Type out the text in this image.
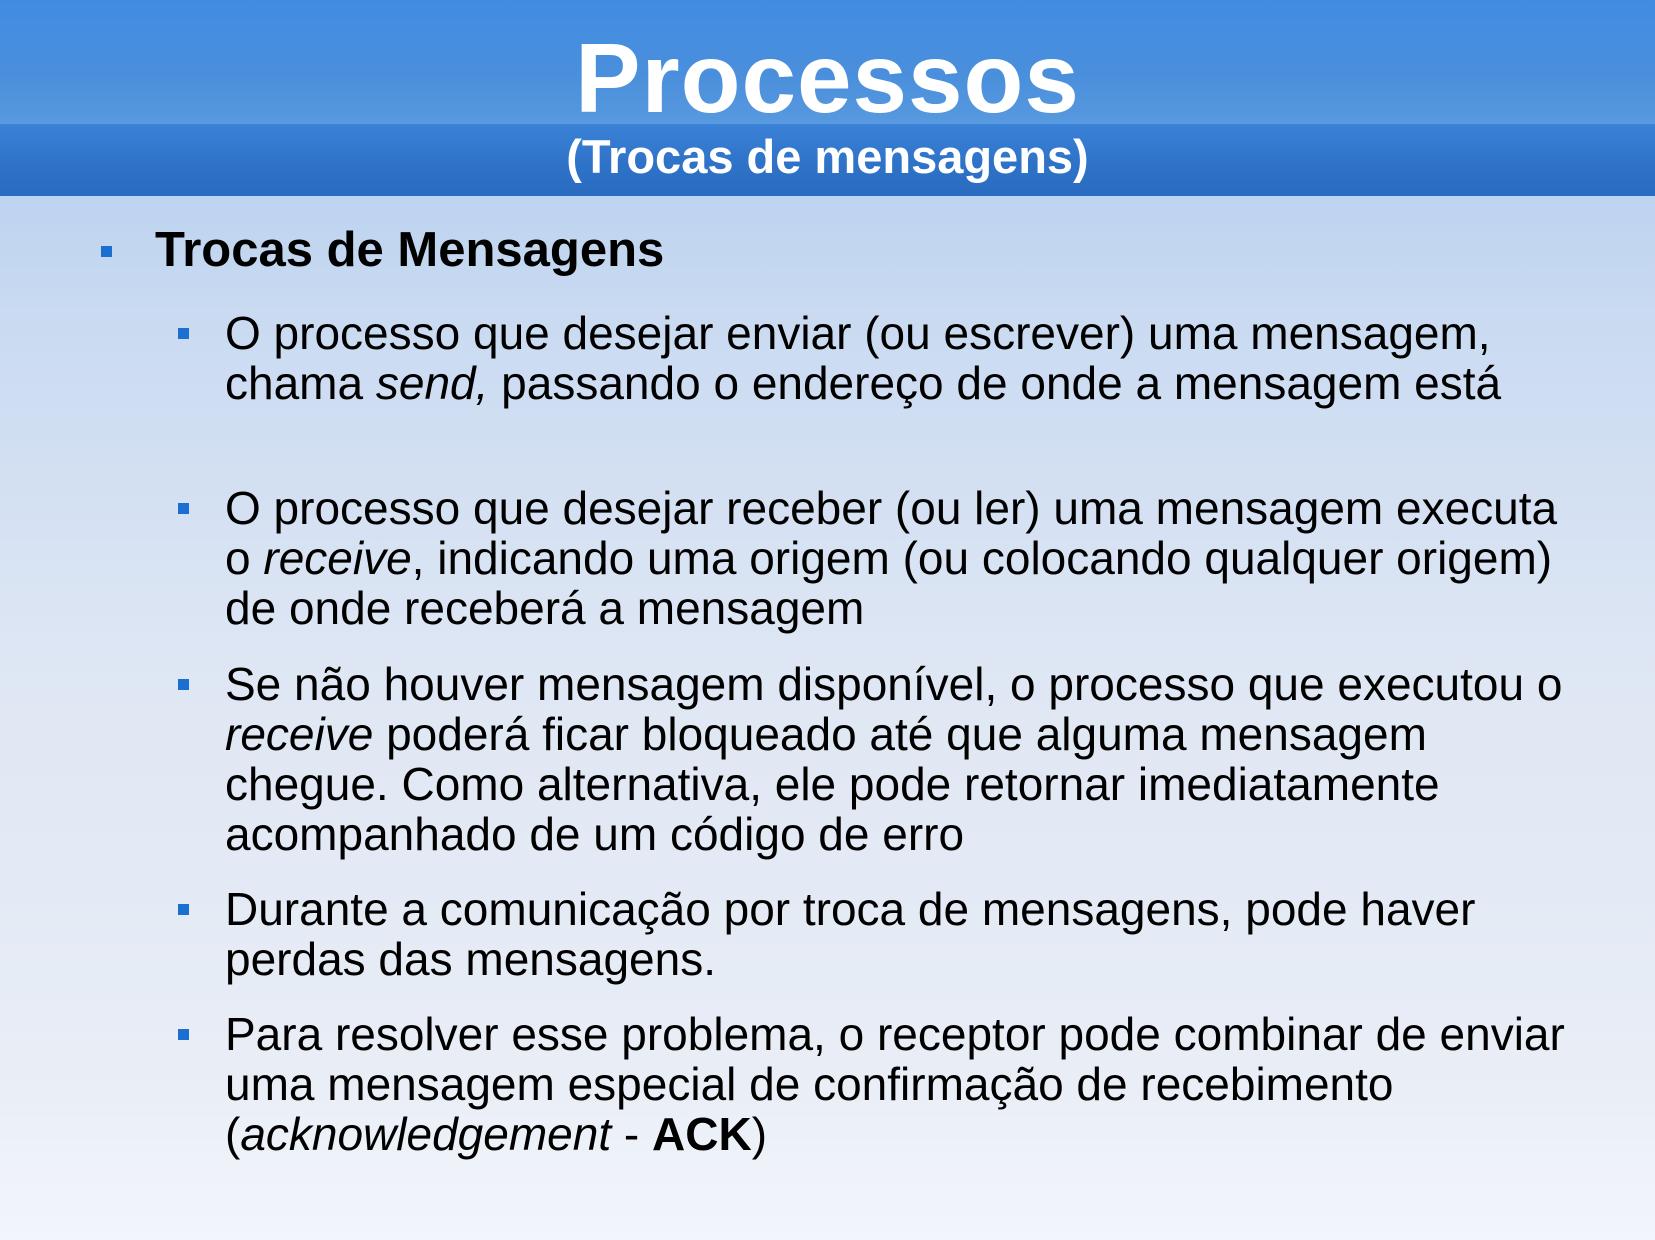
Processos
(Trocas de mensagens)
Trocas de Mensagens
O processo que desejar enviar (ou escrever) uma mensagem, chama send, passando o endereço de onde a mensagem está
O processo que desejar receber (ou ler) uma mensagem executa o receive, indicando uma origem (ou colocando qualquer origem) de onde receberá a mensagem
Se não houver mensagem disponível, o processo que executou o receive poderá ficar bloqueado até que alguma mensagem chegue. Como alternativa, ele pode retornar imediatamente acompanhado de um código de erro
Durante a comunicação por troca de mensagens, pode haver perdas das mensagens.
Para resolver esse problema, o receptor pode combinar de enviar uma mensagem especial de confirmação de recebimento (acknowledgement - ACK)
